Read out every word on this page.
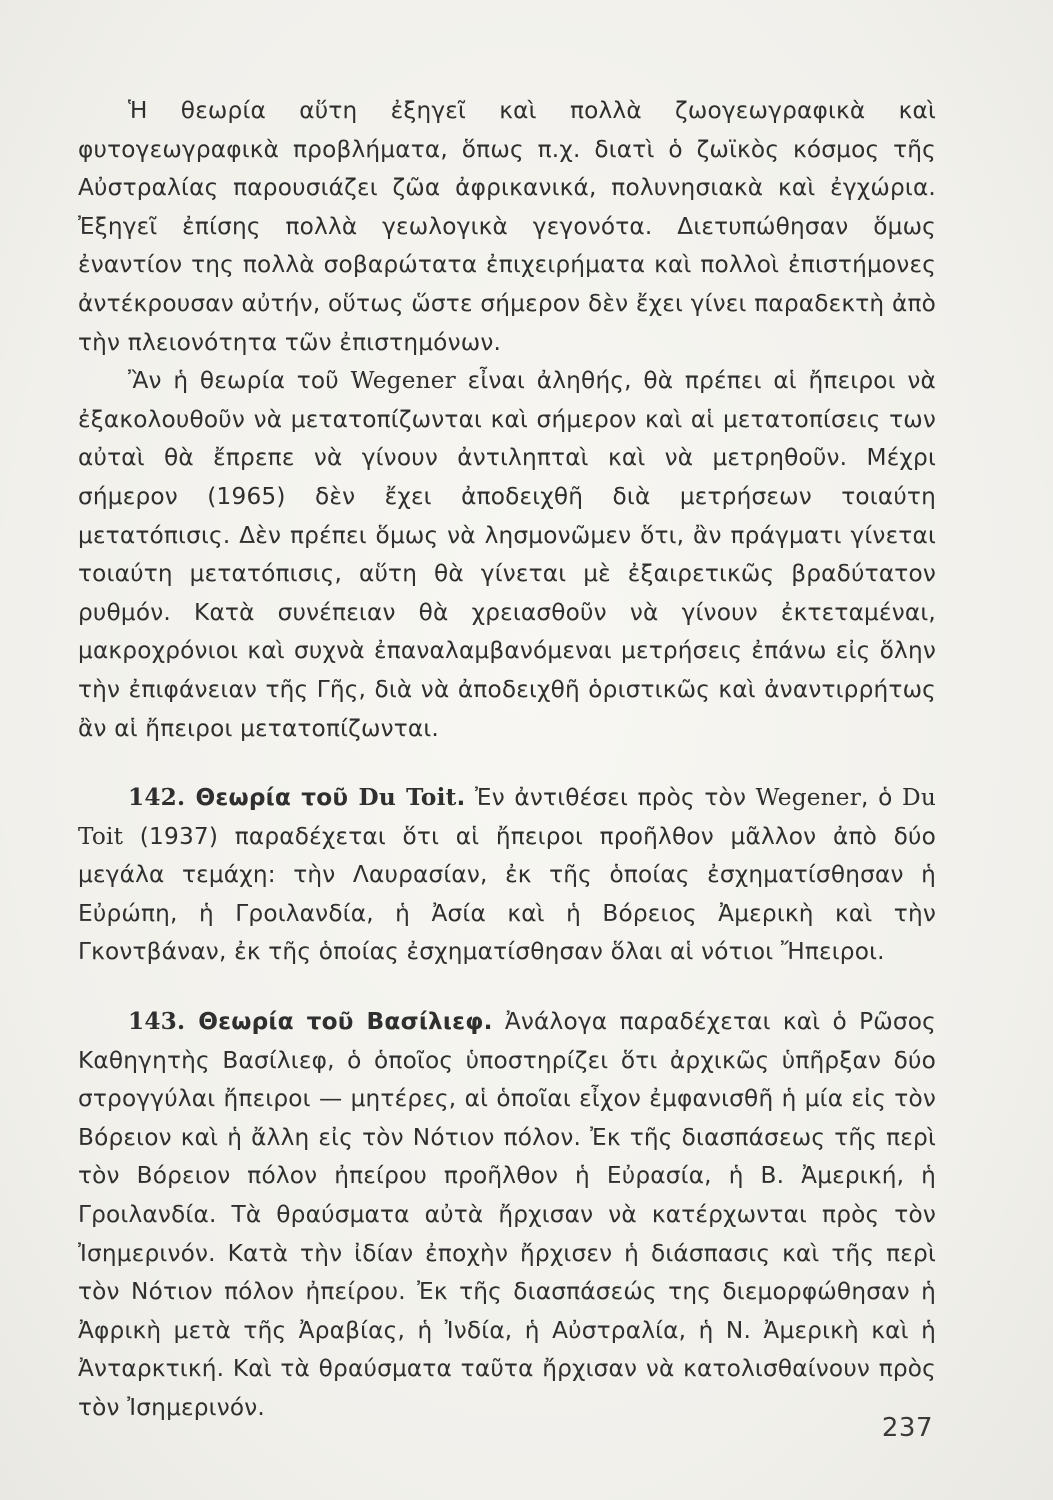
Ἡ θεωρία αὕτη ἐξηγεῖ καὶ πολλὰ ζωογεωγραφικὰ καὶ φυτογεωγραφικὰ προβλήματα, ὅπως π.χ. διατὶ ὁ ζωϊκὸς κόσμος τῆς Αὐστραλίας παρουσιάζει ζῶα ἀφρικανικά, πολυνησιακὰ καὶ ἐγχώρια. Ἐξηγεῖ ἐπίσης πολλὰ γεωλογικὰ γεγονότα. Διετυπώθησαν ὅμως ἐναντίον της πολλὰ σοβαρώτατα ἐπιχειρήματα καὶ πολλοὶ ἐπιστήμονες ἀντέκρουσαν αὐτήν, οὕτως ὥστε σήμερον δὲν ἔχει γίνει παραδεκτὴ ἀπὸ τὴν πλειονότητα τῶν ἐπιστημόνων.

Ἂν ἡ θεωρία τοῦ Wegener εἶναι ἀληθής, θὰ πρέπει αἱ ἤπειροι νὰ ἐξακολουθοῦν νὰ μετατοπίζωνται καὶ σήμερον καὶ αἱ μετατοπίσεις των αὐταὶ θὰ ἔπρεπε νὰ γίνουν ἀντιληπταὶ καὶ νὰ μετρηθοῦν. Μέχρι σήμερον (1965) δὲν ἔχει ἀποδειχθῆ διὰ μετρήσεων τοιαύτη μετατόπισις. Δὲν πρέπει ὅμως νὰ λησμονῶμεν ὅτι, ἂν πράγματι γίνεται τοιαύτη μετατόπισις, αὕτη θὰ γίνεται μὲ ἐξαιρετικῶς βραδύτατον ρυθμόν. Κατὰ συνέπειαν θὰ χρειασθοῦν νὰ γίνουν ἐκτεταμέναι, μακροχρόνιοι καὶ συχνὰ ἐπαναλαμβανόμεναι μετρήσεις ἐπάνω εἰς ὅλην τὴν ἐπιφάνειαν τῆς Γῆς, διὰ νὰ ἀποδειχθῆ ὁριστικῶς καὶ ἀναντιρρήτως ἂν αἱ ἤπειροι μετατοπίζωνται.

142. Θεωρία τοῦ Du Toit. Ἐν ἀντιθέσει πρὸς τὸν Wegener, ὁ Du Toit (1937) παραδέχεται ὅτι αἱ ἤπειροι προῆλθον μᾶλλον ἀπὸ δύο μεγάλα τεμάχη: τὴν Λαυρασίαν, ἐκ τῆς ὁποίας ἐσχηματίσθησαν ἡ Εὐρώπη, ἡ Γροιλανδία, ἡ Ἀσία καὶ ἡ Βόρειος Ἀμερικὴ καὶ τὴν Γκοντβάναν, ἐκ τῆς ὁποίας ἐσχηματίσθησαν ὅλαι αἱ νότιοι Ἤπειροι.

143. Θεωρία τοῦ Βασίλιεφ. Ἀνάλογα παραδέχεται καὶ ὁ Ρῶσος Καθηγητὴς Βασίλιεφ, ὁ ὁποῖος ὑποστηρίζει ὅτι ἀρχικῶς ὑπῆρξαν δύο στρογγύλαι ἤπειροι — μητέρες, αἱ ὁποῖαι εἶχον ἐμφανισθῆ ἡ μία εἰς τὸν Βόρειον καὶ ἡ ἄλλη εἰς τὸν Νότιον πόλον. Ἐκ τῆς διασπάσεως τῆς περὶ τὸν Βόρειον πόλον ἠπείρου προῆλθον ἡ Εὐρασία, ἡ Β. Ἀμερική, ἡ Γροιλανδία. Τὰ θραύσματα αὐτὰ ἤρχισαν νὰ κατέρχωνται πρὸς τὸν Ἰσημερινόν. Κατὰ τὴν ἰδίαν ἐποχὴν ἤρχισεν ἡ διάσπασις καὶ τῆς περὶ τὸν Νότιον πόλον ἠπείρου. Ἐκ τῆς διασπάσεώς της διεμορφώθησαν ἡ Ἀφρικὴ μετὰ τῆς Ἀραβίας, ἡ Ἰνδία, ἡ Αὐστραλία, ἡ Ν. Ἀμερικὴ καὶ ἡ Ἀνταρκτική. Καὶ τὰ θραύσματα ταῦτα ἤρχισαν νὰ κατολισθαίνουν πρὸς τὸν Ἰσημερινόν.

237
